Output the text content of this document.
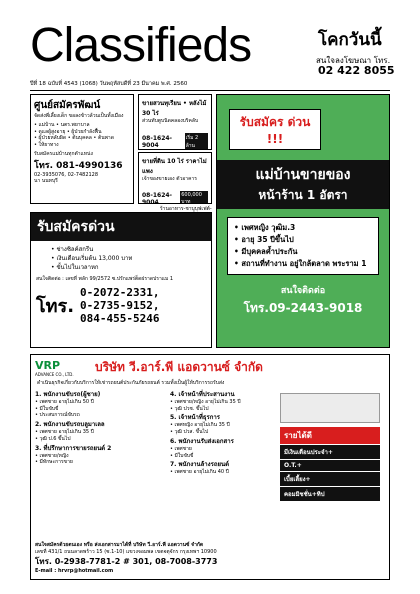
Classifieds	โคกวันนี้
สนใจลงโฆษณา โทร.
02 422 8055
ปีที่ 18 ฉบับที่ 4543 (1068) วันพฤหัสบดีที่ 23 มีนาคม พ.ศ. 2560
ศูนย์สมัครพัฒน์
จัดส่งพี่เลี้ยงเด็ก ขอลงข้าวล้วนเป็นทั้งเมือง
• แม่บ้าน • นตร.พยาบาล
• ดูแลผู้สูงอายุ • ผู้ป่วยกำลังฟื้น
• ผู้ป่วยหลับผิด • ต้นบุคคล • ต้นพาด
• ให้ยาทาง
รับสมัครแม่บ้านทุกตำแหน่ง
โทร. 081-4990136
02-3935076, 02-7482128
นา นนทบุรี
ขายสวนทุเรียน • หลังไม้ 30 ไร่
ส่วนทับตูบนิดคลองบริคลับ
08-1624-9004
เริ่ม 2 ล้าน
ขายที่ดิน 10 ไร่ ราคาไม่แพง
เจ้าของขายเอง ตัวอาคาร
08-1624-9004
600,000 บาท
ร้านอาหาร-ชาบูบุฟเฟต์-
รับสมัครด่วน
• ช่างซิลค์สกรีน
• เงินเดือนเริ่มต้น 13,000 บาท
• ขั้นไปในเวลาหก
สนใจติดต่อ : เลขที่ พลัก 99/2572 ซ.ปรักแพร่ต็ดฝราดปราแม 1
โทร.
0-2072-2331,
0-2735-9152,
084-455-5246
รับสมัคร ด่วน !!!
แม่บ้านขายของ
หน้าร้าน 1 อัตรา
• เพศหญิง วุฒิม.3
• อายุ 35 ปีขึ้นไป
• มีบุคคลค้ำประกัน
• สถานที่ทำงาน อยู่ใกล้ตลาด พระราม 1
สนใจติดต่อ
โทร.09-2443-9018
VRP
ADVANCE CO., LTD.	บริษัท วี.อาร์.พี แอดวานซ์ จำกัด
ดำเนินธุรกิจเกี่ยวกับบริการให้เช่ารถยนต์ประกันภัยรถยนต์ รวมทั้งเป็นผู้ให้บริการรถรับส่ง
1. พนักงานขับรถ(ผู้ชาย)
• เพศชาย อายุไม่เกิน 50 ปี
• มีใบขับขี่
• ประสบการณ์ขับรถ
2. พนักงานขับรถบลูมาเลล
• เพศชาย อายุไม่เกิน 35 ปี
• วุฒิ ป.6 ขึ้นไป
3. ที่ปรึกษาการขายรถยนต์ 2
• เพศชาย/หญิง
• มีทักษะการขาย
4. เจ้าหน้าที่ประสานงาน
• เพศชาย/หญิง อายุไม่เกิน 35 ปี
• วุฒิ ปวช. ขึ้นไป
5. เจ้าหน้าที่ธุรการ
• เพศหญิง อายุไม่เกิน 35 ปี
• วุฒิ ปวส. ขึ้นไป
6. พนักงานรับส่งเอกสาร
• เพศชาย
• มีใบขับขี่
7. พนักงานล้างรถยนต์
• เพศชาย อายุไม่เกิน 40 ปี
รายได้ดี
มีเงินเดือนประจำ+
O.T.+
เบี้ยเลี้ยง+
คอมมิชชั่น+ทิป
สนใจสมัครด้วยตนเอง หรือ ส่งเอกสารมาได้ที่ บริษัท วี.อาร์.พี แอดวานซ์ จำกัด
เลขที่ 431/1 ถนนลาดพร้าว 15 (ซ.1-10) แขวงจอมพล เขตจตุจักร กรุงเทพฯ 10900
โทร. 0-2938-7781-2 # 301, 08-7008-3773
E-mail : hrvrp@hotmail.com
